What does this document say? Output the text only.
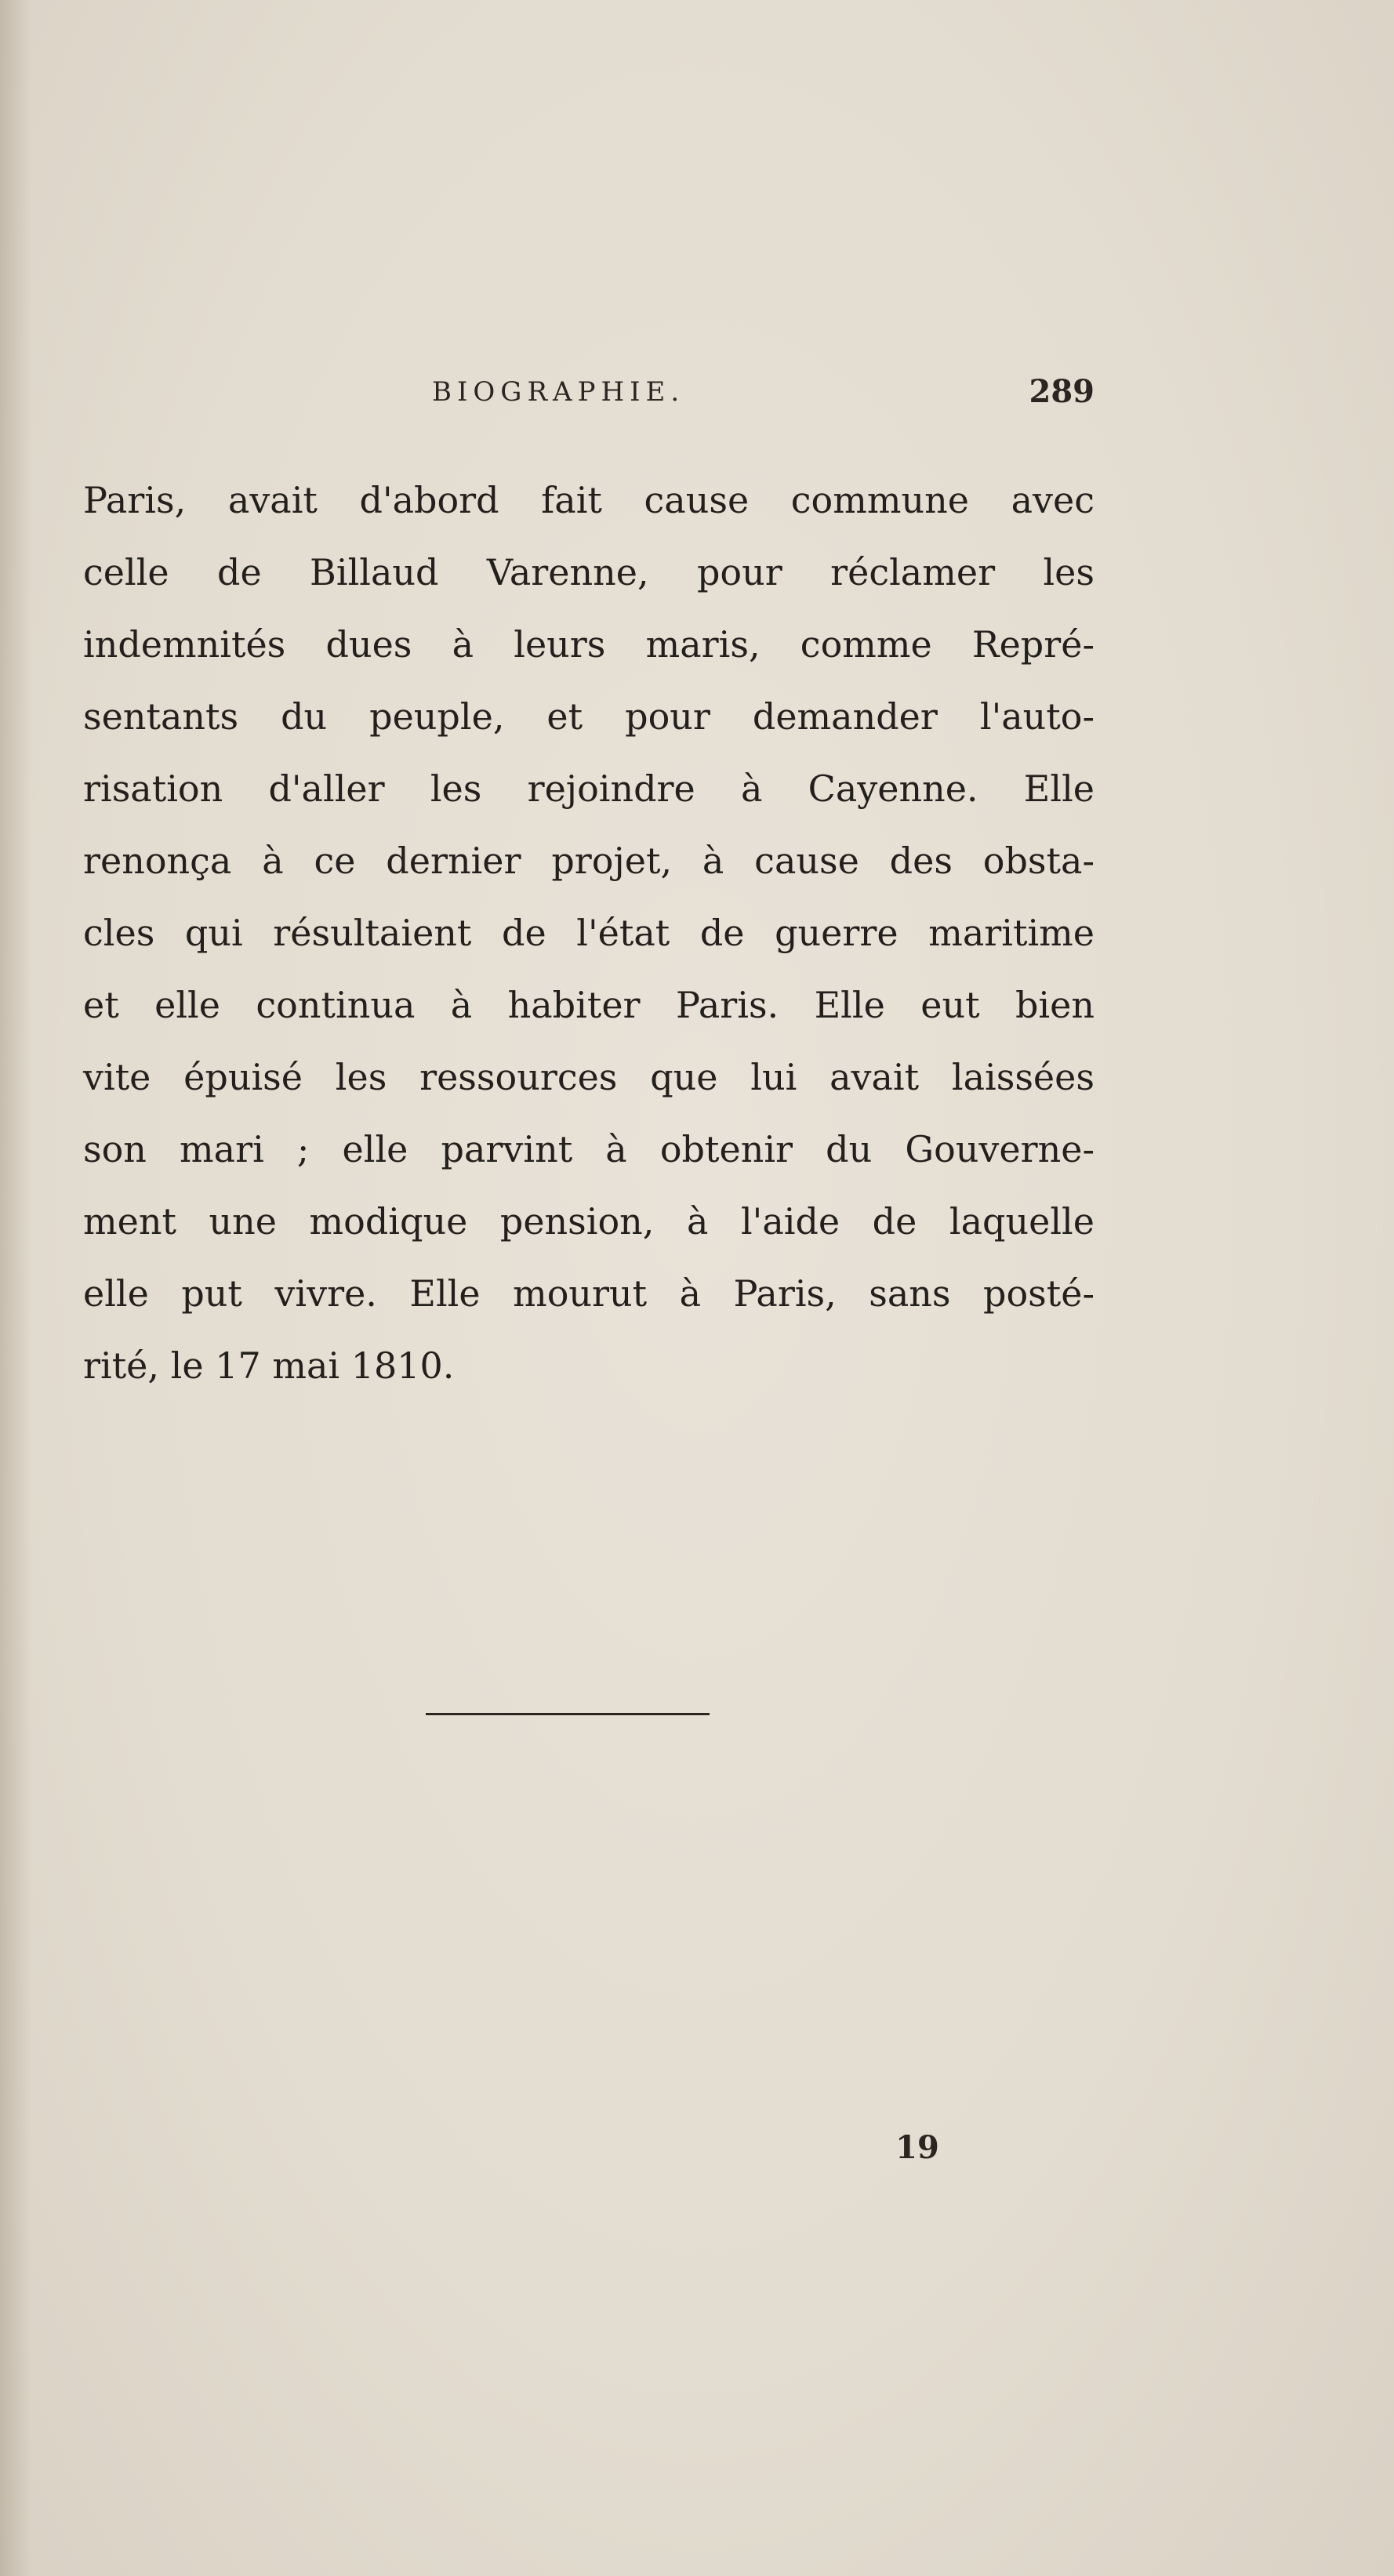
BIOGRAPHIE.	289

Paris, avait d'abord fait cause commune avec
celle de Billaud Varenne, pour réclamer les
indemnités dues à leurs maris, comme Repré-
sentants du peuple, et pour demander l'auto-
risation d'aller les rejoindre à Cayenne. Elle
renonça à ce dernier projet, à cause des obsta-
cles qui résultaient de l'état de guerre maritime
et elle continua à habiter Paris. Elle eut bien
vite épuisé les ressources que lui avait laissées
son mari ; elle parvint à obtenir du Gouverne-
ment une modique pension, à l'aide de laquelle
elle put vivre. Elle mourut à Paris, sans posté-
rité, le 17 mai 1810.

19
